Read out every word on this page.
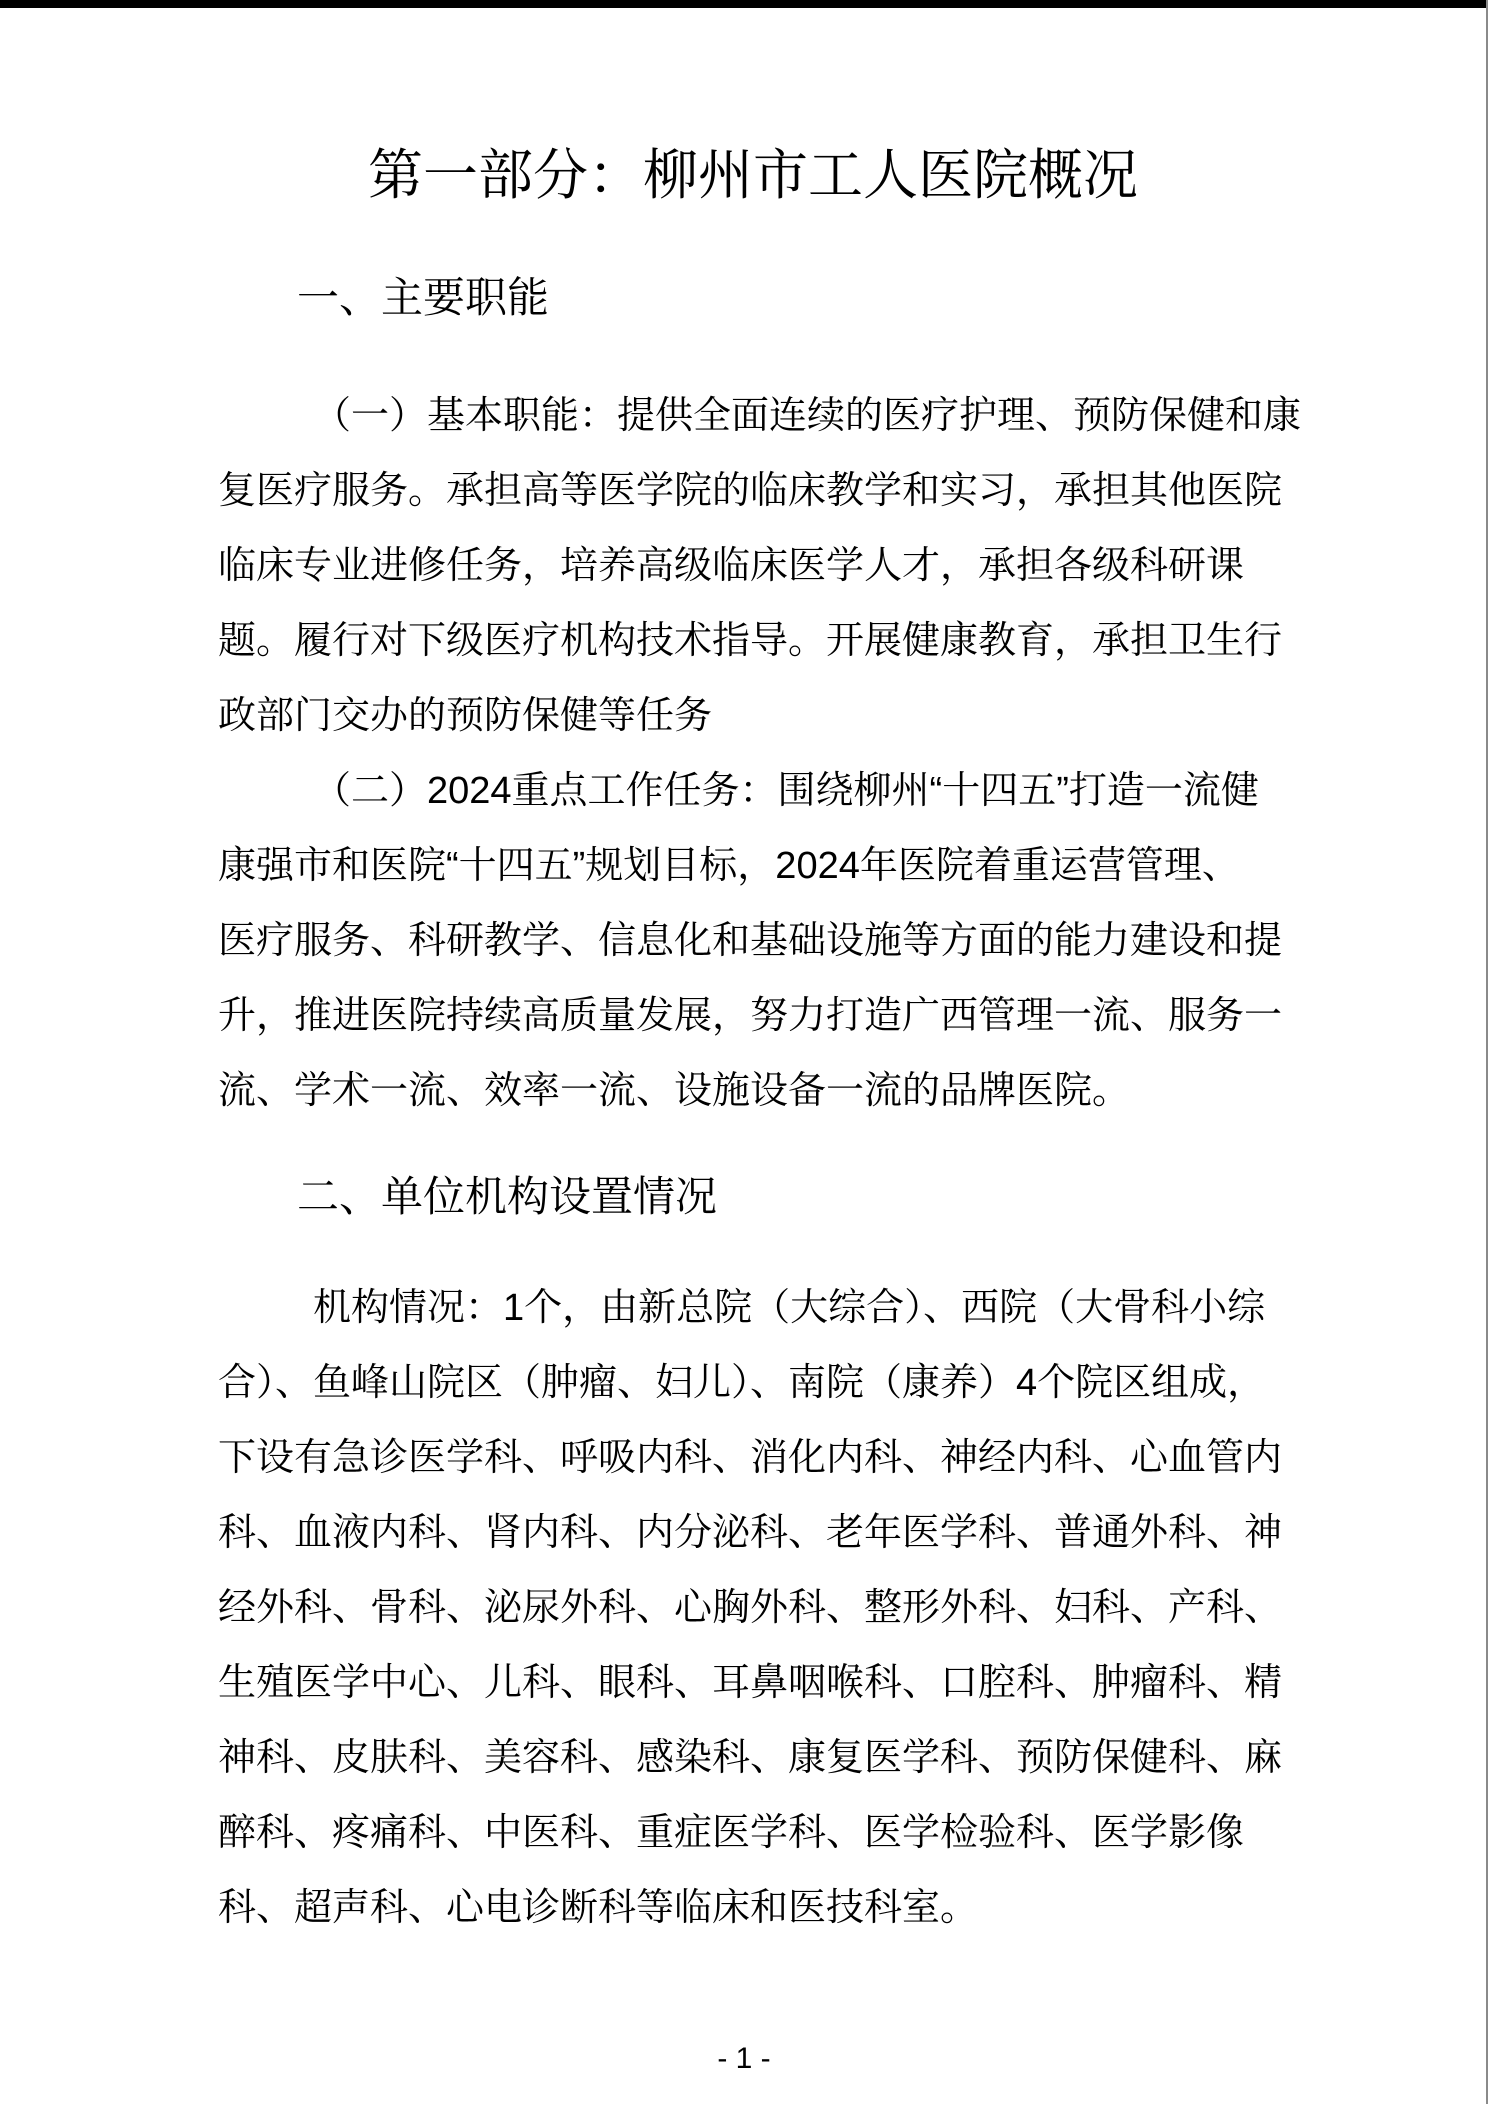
第一部分：柳州市工人医院概况
一、主要职能
（一）基本职能：提供全面连续的医疗护理、预防保健和康
复医疗服务。承担高等医学院的临床教学和实习，承担其他医院
临床专业进修任务，培养高级临床医学人才，承担各级科研课
题。履行对下级医疗机构技术指导。开展健康教育，承担卫生行
政部门交办的预防保健等任务
（二）2024重点工作任务：围绕柳州“十四五”打造一流健
康强市和医院“十四五”规划目标，2024年医院着重运营管理、
医疗服务、科研教学、信息化和基础设施等方面的能力建设和提
升，推进医院持续高质量发展，努力打造广西管理一流、服务一
流、学术一流、效率一流、设施设备一流的品牌医院。
二、单位机构设置情况
机构情况：1个，由新总院（大综合）、西院（大骨科小综
合）、鱼峰山院区（肿瘤、妇儿）、南院（康养）4个院区组成，
下设有急诊医学科、呼吸内科、消化内科、神经内科、心血管内
科、血液内科、肾内科、内分泌科、老年医学科、普通外科、神
经外科、骨科、泌尿外科、心胸外科、整形外科、妇科、产科、
生殖医学中心、儿科、眼科、耳鼻咽喉科、口腔科、肿瘤科、精
神科、皮肤科、美容科、感染科、康复医学科、预防保健科、麻
醉科、疼痛科、中医科、重症医学科、医学检验科、医学影像
科、超声科、心电诊断科等临床和医技科室。
- 1 -
